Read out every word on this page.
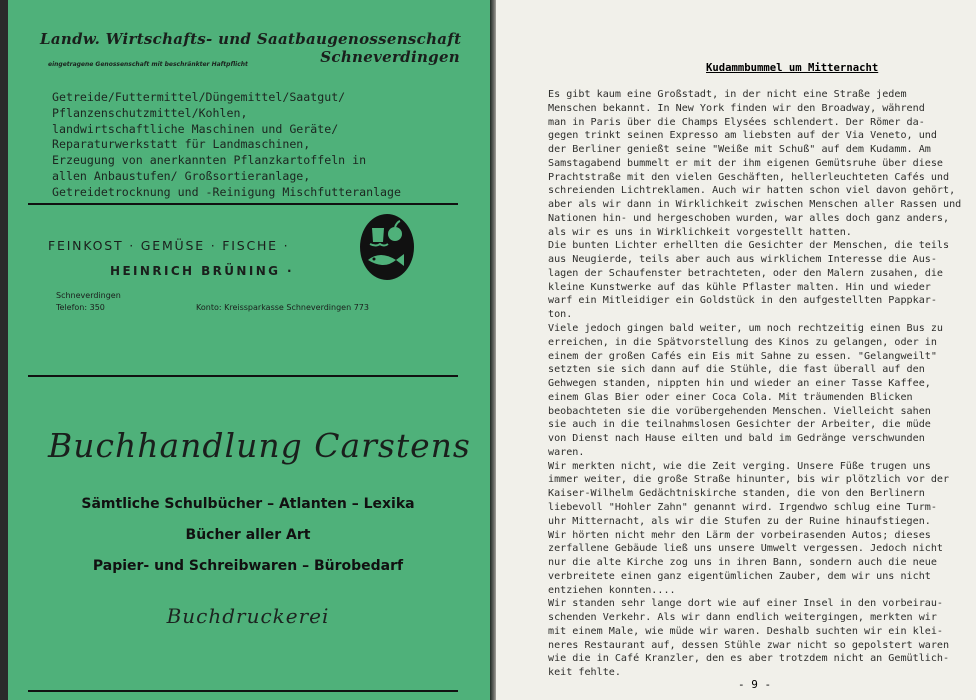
Landw. Wirtschafts- und Saatbaugenossenschaft
Schneverdingen
eingetragene Genossenschaft mit beschränkter Haftpflicht
Getreide/Futtermittel/Düngemittel/Saatgut/
Pflanzenschutzmittel/Kohlen,
landwirtschaftliche Maschinen und Geräte/
Reparaturwerkstatt für Landmaschinen,
Erzeugung von anerkannten Pflanzkartoffeln in
allen Anbaustufen/ Großsortieranlage,
Getreidetrocknung und -Reinigung Mischfutteranlage
FEINKOST · GEMÜSE · FISCHE ·
HEINRICH BRÜNING ·
Schneverdingen
Telefon: 350	Konto: Kreissparkasse Schneverdingen 773
Buchhandlung Carstens
Sämtliche Schulbücher – Atlanten – Lexika
Bücher aller Art
Papier- und Schreibwaren – Bürobedarf
Buchdruckerei
Kudammbummel um Mitternacht
Es gibt kaum eine Großstadt, in der nicht eine Straße jedem
Menschen bekannt. In New York finden wir den Broadway, während
man in Paris über die Champs Elysées schlendert. Der Römer da-
gegen trinkt seinen Expresso am liebsten auf der Via Veneto, und
der Berliner genießt seine "Weiße mit Schuß" auf dem Kudamm. Am
Samstagabend bummelt er mit der ihm eigenen Gemütsruhe über diese
Prachtstraße mit den vielen Geschäften, hellerleuchteten Cafés und
schreienden Lichtreklamen. Auch wir hatten schon viel davon gehört,
aber als wir dann in Wirklichkeit zwischen Menschen aller Rassen und
Nationen hin- und hergeschoben wurden, war alles doch ganz anders,
als wir es uns in Wirklichkeit vorgestellt hatten.
Die bunten Lichter erhellten die Gesichter der Menschen, die teils
aus Neugierde, teils aber auch aus wirklichem Interesse die Aus-
lagen der Schaufenster betrachteten, oder den Malern zusahen, die
kleine Kunstwerke auf das kühle Pflaster malten. Hin und wieder
warf ein Mitleidiger ein Goldstück in den aufgestellten Pappkar-
ton.
Viele jedoch gingen bald weiter, um noch rechtzeitig einen Bus zu
erreichen, in die Spätvorstellung des Kinos zu gelangen, oder in
einem der großen Cafés ein Eis mit Sahne zu essen. "Gelangweilt"
setzten sie sich dann auf die Stühle, die fast überall auf den
Gehwegen standen, nippten hin und wieder an einer Tasse Kaffee,
einem Glas Bier oder einer Coca Cola. Mit träumenden Blicken
beobachteten sie die vorübergehenden Menschen. Vielleicht sahen
sie auch in die teilnahmslosen Gesichter der Arbeiter, die müde
von Dienst nach Hause eilten und bald im Gedränge verschwunden
waren.
Wir merkten nicht, wie die Zeit verging. Unsere Füße trugen uns
immer weiter, die große Straße hinunter, bis wir plötzlich vor der
Kaiser-Wilhelm Gedächtniskirche standen, die von den Berlinern
liebevoll "Hohler Zahn" genannt wird. Irgendwo schlug eine Turm-
uhr Mitternacht, als wir die Stufen zu der Ruine hinaufstiegen.
Wir hörten nicht mehr den Lärm der vorbeirasenden Autos; dieses
zerfallene Gebäude ließ uns unsere Umwelt vergessen. Jedoch nicht
nur die alte Kirche zog uns in ihren Bann, sondern auch die neue
verbreitete einen ganz eigentümlichen Zauber, dem wir uns nicht
entziehen konnten....
Wir standen sehr lange dort wie auf einer Insel in den vorbeirau-
schenden Verkehr. Als wir dann endlich weitergingen, merkten wir
mit einem Male, wie müde wir waren. Deshalb suchten wir ein klei-
neres Restaurant auf, dessen Stühle zwar nicht so gepolstert waren
wie die in Café Kranzler, den es aber trotzdem nicht an Gemütlich-
keit fehlte.
- 9 -
